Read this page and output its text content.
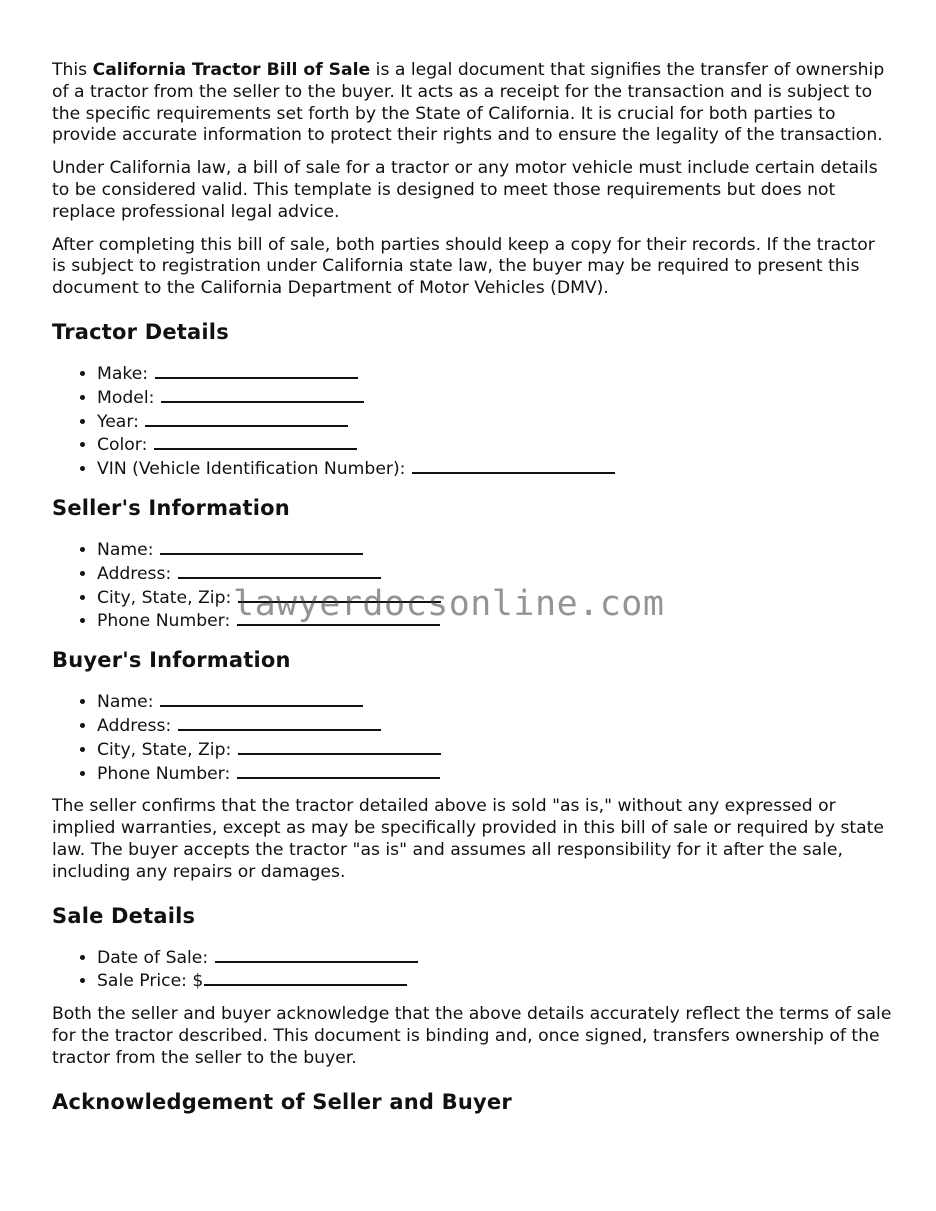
This California Tractor Bill of Sale is a legal document that signifies the transfer of ownership of a tractor from the seller to the buyer. It acts as a receipt for the transaction and is subject to the specific requirements set forth by the State of California. It is crucial for both parties to provide accurate information to protect their rights and to ensure the legality of the transaction.

Under California law, a bill of sale for a tractor or any motor vehicle must include certain details to be considered valid. This template is designed to meet those requirements but does not replace professional legal advice.

After completing this bill of sale, both parties should keep a copy for their records. If the tractor is subject to registration under California state law, the buyer may be required to present this document to the California Department of Motor Vehicles (DMV).

Tractor Details
• Make:
• Model:
• Year:
• Color:
• VIN (Vehicle Identification Number):
Seller's Information
• Name:
• Address:
• City, State, Zip:
• Phone Number:
Buyer's Information
• Name:
• Address:
• City, State, Zip:
• Phone Number:

The seller confirms that the tractor detailed above is sold "as is," without any expressed or implied warranties, except as may be specifically provided in this bill of sale or required by state law. The buyer accepts the tractor "as is" and assumes all responsibility for it after the sale, including any repairs or damages.

Sale Details
• Date of Sale:
• Sale Price: $

Both the seller and buyer acknowledge that the above details accurately reflect the terms of sale for the tractor described. This document is binding and, once signed, transfers ownership of the tractor from the seller to the buyer.

Acknowledgement of Seller and Buyer
lawyerdocsonline.com
